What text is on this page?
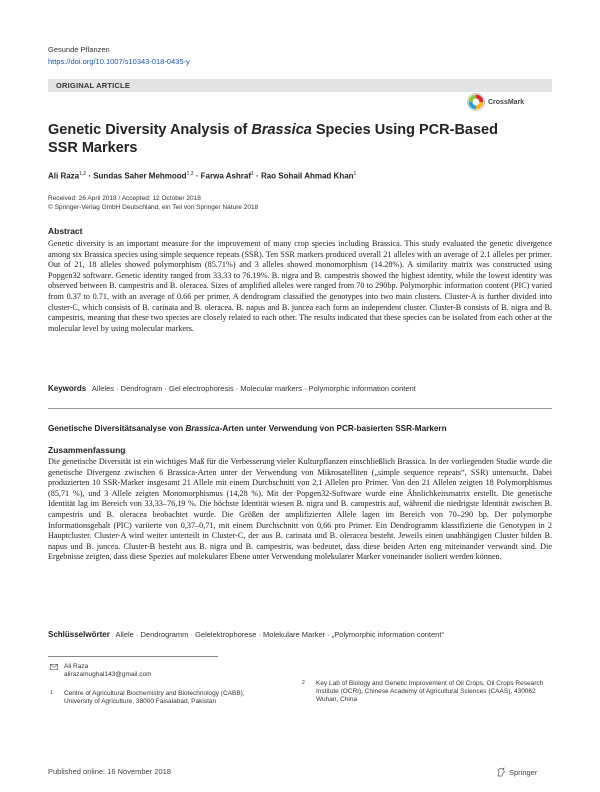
Gesunde Pflanzen
https://doi.org/10.1007/s10343-018-0435-y
ORIGINAL ARTICLE
CrossMark
Genetic Diversity Analysis of Brassica Species Using PCR-Based SSR Markers
Ali Raza$^{1,2}$ · Sundas Saher Mehmood$^{1,2}$ · Farwa Ashraf$^1$ · Rao Sohail Ahmad Khan$^1$
Received: 26 April 2018 / Accepted: 12 October 2018
© Springer-Verlag GmbH Deutschland, ein Teil von Springer Nature 2018
Abstract
Genetic diversity is an important measure for the improvement of many crop species including Brassica. This study evaluated the genetic divergence among six Brassica species using simple sequence repeats (SSR). Ten SSR markers produced overall 21 alleles with an average of 2.1 alleles per primer. Out of 21, 18 alleles showed polymorphism (85.71%) and 3 alleles showed monomorphism (14.28%). A similarity matrix was constructed using Popgen32 software. Genetic identity ranged from 33.33 to 76.19%. B. nigra and B. campestris showed the highest identity, while the lowest identity was observed between B. campestris and B. oleracea. Sizes of amplified alleles were ranged from 70 to 290bp. Polymorphic information content (PIC) varied from 0.37 to 0.71, with an average of 0.66 per primer. A dendrogram classified the genotypes into two main clusters. Cluster-A is further divided into cluster-C, which consists of B. carinata and B. oleracea. B. napus and B. juncea each form an independent cluster. Cluster-B consists of B. nigra and B. campestris, meaning that these two species are closely related to each other. The results indicated that these species can be isolated from each other at the molecular level by using molecular markers.
Keywords Alleles · Dendrogram · Gel electrophoresis · Molecular markers · Polymorphic information content
Genetische Diversitätsanalyse von Brassica-Arten unter Verwendung von PCR-basierten SSR-Markern
Zusammenfassung
Die genetische Diversität ist ein wichtiges Maß für die Verbesserung vieler Kulturpflanzen einschließlich Brassica. In der vorliegenden Studie wurde die genetische Divergenz zwischen 6 Brassica-Arten unter der Verwendung von Mikrosatelliten („simple sequence repeats“, SSR) untersucht. Dabei produzierten 10 SSR-Marker insgesamt 21 Allele mit einem Durchschnitt von 2,1 Allelen pro Primer. Von den 21 Allelen zeigten 18 Polymorphismus (85,71 %), und 3 Allele zeigten Monomorphismus (14,28 %). Mit der Popgen32-Software wurde eine Ähnlichkeitsmatrix erstellt. Die genetische Identität lag im Bereich von 33,33–76,19 %. Die höchste Identität wiesen B. nigra und B. campestris auf, während die niedrigste Identität zwischen B. campestris und B. oleracea beobachtet wurde. Die Größen der amplifizierten Allele lagen im Bereich von 70–290 bp. Der polymorphe Informationsgehalt (PIC) variierte von 0,37–0,71, mit einem Durchschnitt von 0,66 pro Primer. Ein Dendrogramm klassifizierte die Genotypen in 2 Hauptcluster. Cluster-A wird weiter unterteilt in Cluster-C, der aus B. carinata und B. oleracea besteht. Jeweils einen unabhängigen Cluster bilden B. napus und B. juncea. Cluster-B besteht aus B. nigra und B. campestris, was bedeutet, dass diese beiden Arten eng miteinander verwandt sind. Die Ergebnisse zeigten, dass diese Spezies auf molekularer Ebene unter Verwendung molekularer Marker voneinander isoliert werden können.
Schlüsselwörter Allele · Dendrogramm · Gelelektrophorese · Molekulare Marker · „Polymorphic information content“
Ali Raza
alirazamughal143@gmail.com
1 Centre of Agricultural Biochemistry and Biotechnology (CABB), University of Agriculture, 38000 Faisalabad, Pakistan
2 Key Lab of Biology and Genetic Improvement of Oil Crops, Oil Crops Research Institute (OCRI), Chinese Academy of Agricultural Sciences (CAAS), 430062 Wuhan, China
Published online: 16 November 2018	Springer
